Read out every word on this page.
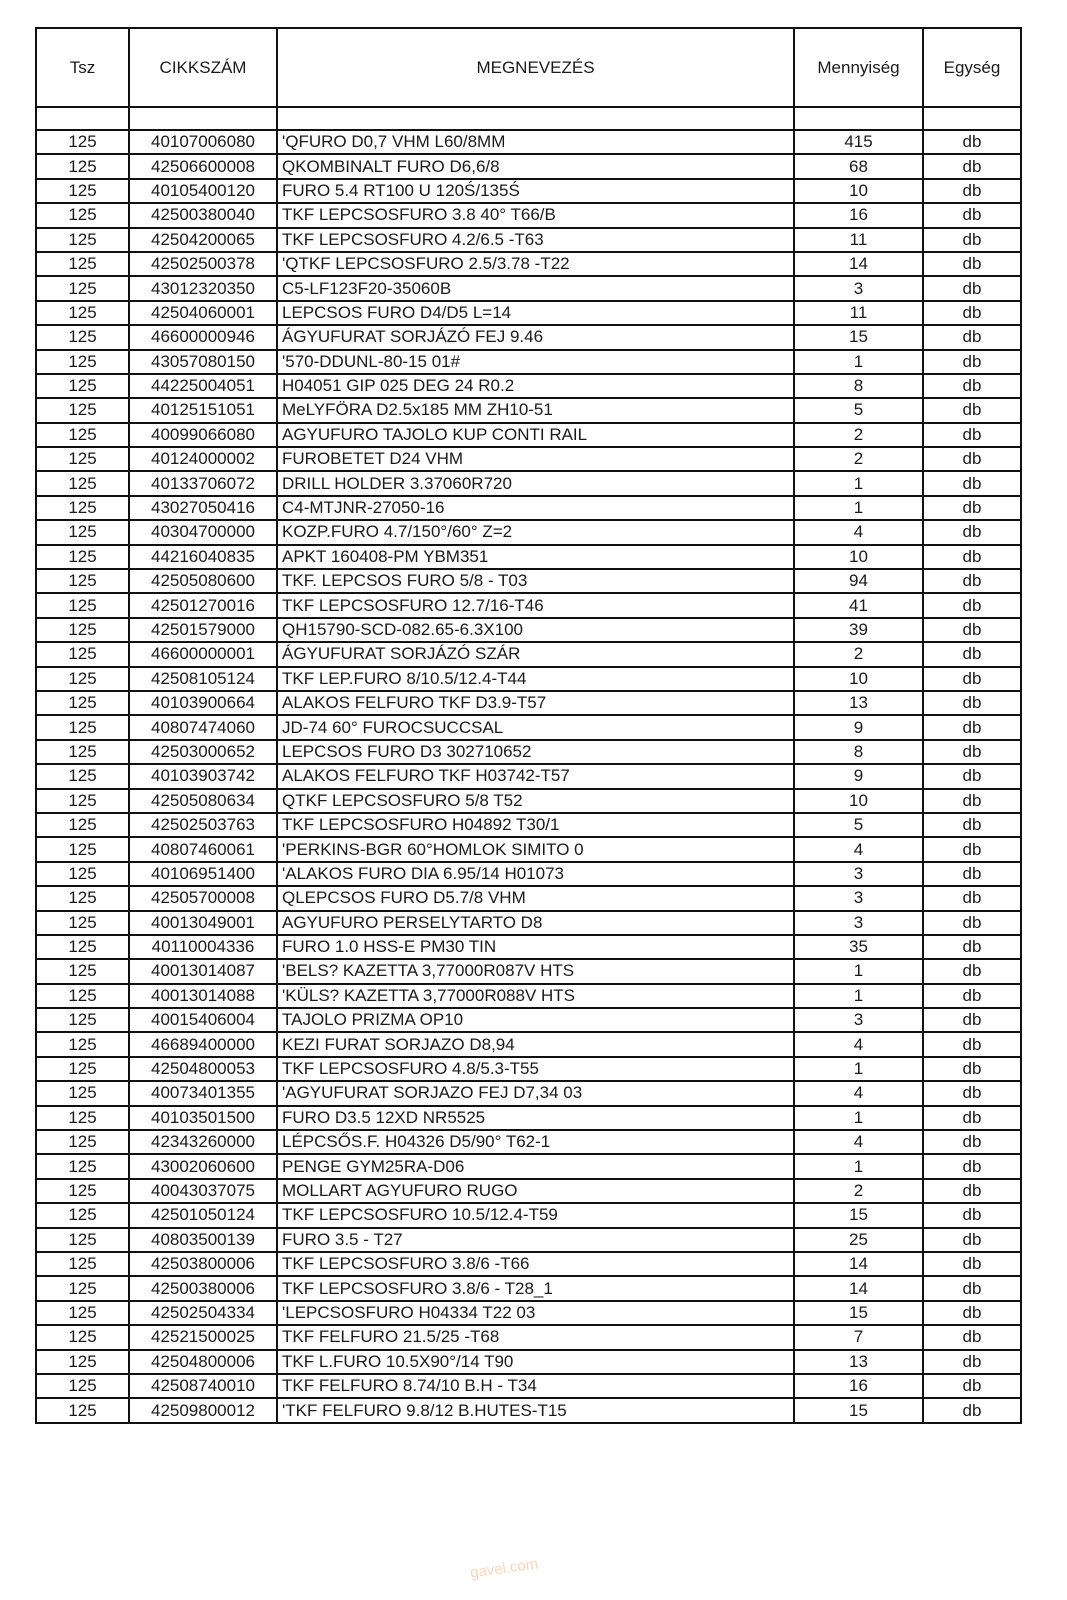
Tsz	CIKKSZÁM	MEGNEVEZÉS	Mennyiség	Egység

125	40107006080	'QFURO D0,7 VHM L60/8MM	415	db
125	42506600008	QKOMBINALT FURO D6,6/8	68	db
125	40105400120	FURO 5.4 RT100 U 120Ś/135Ś	10	db
125	42500380040	TKF LEPCSOSFURO 3.8 40° T66/B	16	db
125	42504200065	TKF LEPCSOSFURO 4.2/6.5 -T63	11	db
125	42502500378	'QTKF LEPCSOSFURO 2.5/3.78 -T22	14	db
125	43012320350	C5-LF123F20-35060B	3	db
125	42504060001	LEPCSOS FURO D4/D5 L=14	11	db
125	46600000946	ÁGYUFURAT SORJÁZÓ FEJ 9.46	15	db
125	43057080150	'570-DDUNL-80-15 01#	1	db
125	44225004051	H04051 GIP 025 DEG 24 R0.2	8	db
125	40125151051	MeLYFÖRA D2.5x185 MM ZH10-51	5	db
125	40099066080	AGYUFURO TAJOLO KUP CONTI RAIL	2	db
125	40124000002	FUROBETET D24 VHM	2	db
125	40133706072	DRILL HOLDER 3.37060R720	1	db
125	43027050416	C4-MTJNR-27050-16	1	db
125	40304700000	KOZP.FURO 4.7/150°/60° Z=2	4	db
125	44216040835	APKT 160408-PM YBM351	10	db
125	42505080600	TKF. LEPCSOS FURO 5/8 - T03	94	db
125	42501270016	TKF LEPCSOSFURO 12.7/16-T46	41	db
125	42501579000	QH15790-SCD-082.65-6.3X100	39	db
125	46600000001	ÁGYUFURAT SORJÁZÓ SZÁR	2	db
125	42508105124	TKF LEP.FURO 8/10.5/12.4-T44	10	db
125	40103900664	ALAKOS FELFURO TKF D3.9-T57	13	db
125	40807474060	JD-74 60° FUROCSUCCSAL	9	db
125	42503000652	LEPCSOS FURO D3 302710652	8	db
125	40103903742	ALAKOS FELFURO TKF H03742-T57	9	db
125	42505080634	QTKF LEPCSOSFURO 5/8 T52	10	db
125	42502503763	TKF LEPCSOSFURO H04892 T30/1	5	db
125	40807460061	'PERKINS-BGR 60°HOMLOK SIMITO 0	4	db
125	40106951400	'ALAKOS FURO DIA 6.95/14 H01073	3	db
125	42505700008	QLEPCSOS FURO D5.7/8 VHM	3	db
125	40013049001	AGYUFURO PERSELYTARTO D8	3	db
125	40110004336	FURO 1.0 HSS-E PM30 TIN	35	db
125	40013014087	'BELS? KAZETTA 3,77000R087V HTS	1	db
125	40013014088	'KÜLS? KAZETTA 3,77000R088V HTS	1	db
125	40015406004	TAJOLO PRIZMA OP10	3	db
125	46689400000	KEZI FURAT SORJAZO D8,94	4	db
125	42504800053	TKF LEPCSOSFURO 4.8/5.3-T55	1	db
125	40073401355	'AGYUFURAT SORJAZO FEJ D7,34 03	4	db
125	40103501500	FURO D3.5 12XD NR5525	1	db
125	42343260000	LÉPCSŐS.F. H04326 D5/90° T62-1	4	db
125	43002060600	PENGE GYM25RA-D06	1	db
125	40043037075	MOLLART AGYUFURO RUGO	2	db
125	42501050124	TKF LEPCSOSFURO 10.5/12.4-T59	15	db
125	40803500139	FURO 3.5 - T27	25	db
125	42503800006	TKF LEPCSOSFURO 3.8/6 -T66	14	db
125	42500380006	TKF LEPCSOSFURO 3.8/6 - T28_1	14	db
125	42502504334	'LEPCSOSFURO H04334 T22 03	15	db
125	42521500025	TKF FELFURO 21.5/25 -T68	7	db
125	42504800006	TKF L.FURO 10.5X90°/14 T90	13	db
125	42508740010	TKF FELFURO 8.74/10 B.H - T34	16	db
125	42509800012	'TKF FELFURO 9.8/12 B.HUTES-T15	15	db
gavel.com
